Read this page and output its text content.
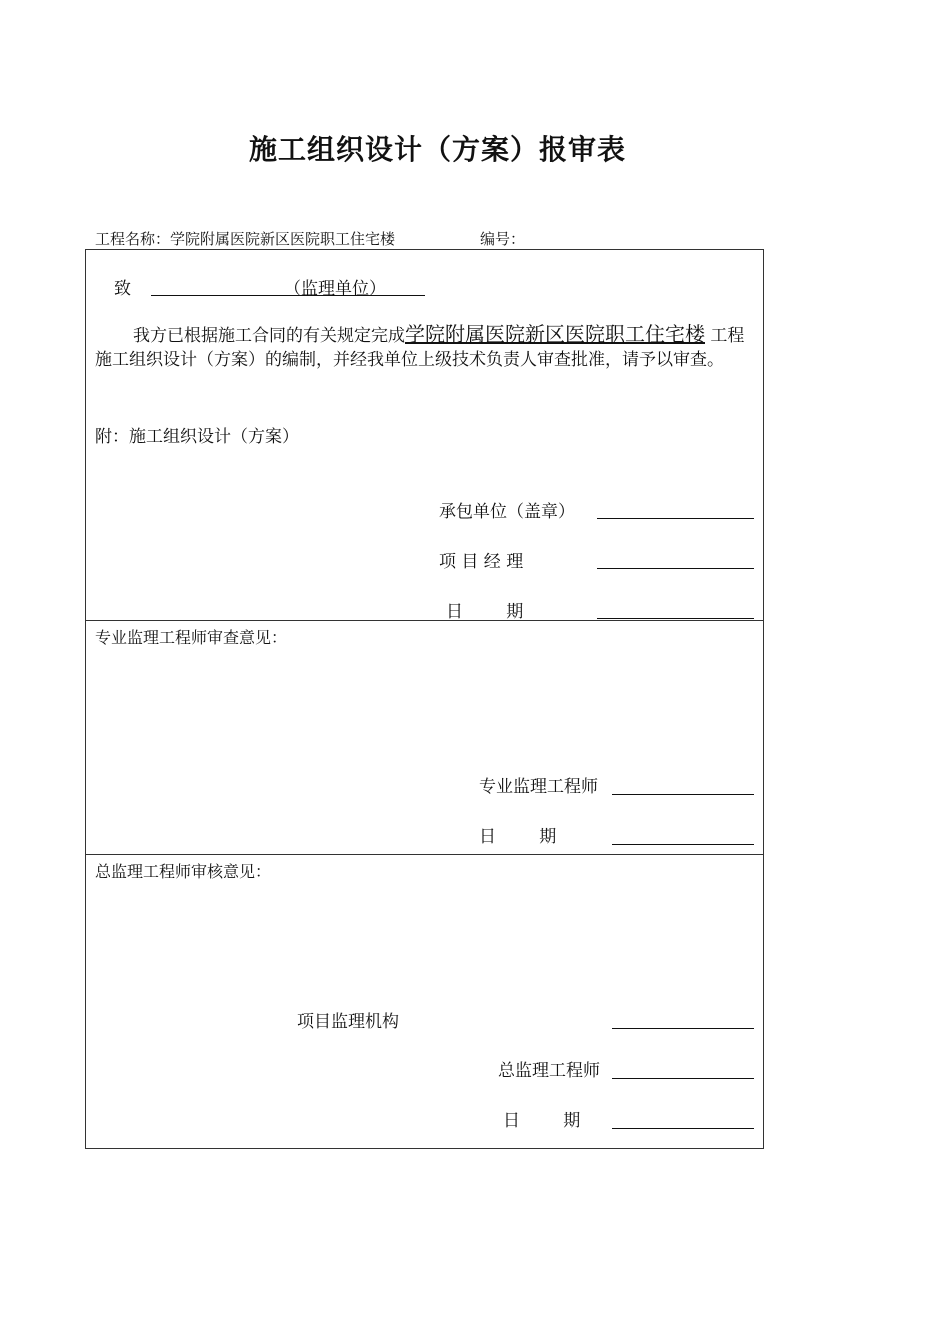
施工组织设计（方案）报审表
工程名称：学院附属医院新区医院职工住宅楼	编号：
致	（监理单位）
我方已根据施工合同的有关规定完成学院附属医院新区医院职工住宅楼 工程施工组织设计（方案）的编制，并经我单位上级技术负责人审查批准，请予以审查。
附：施工组织设计（方案）
承包单位（盖章）
项 目 经 理
日        期
专业监理工程师审查意见：
专业监理工程师
日        期
总监理工程师审核意见：
项目监理机构
总监理工程师
日        期
